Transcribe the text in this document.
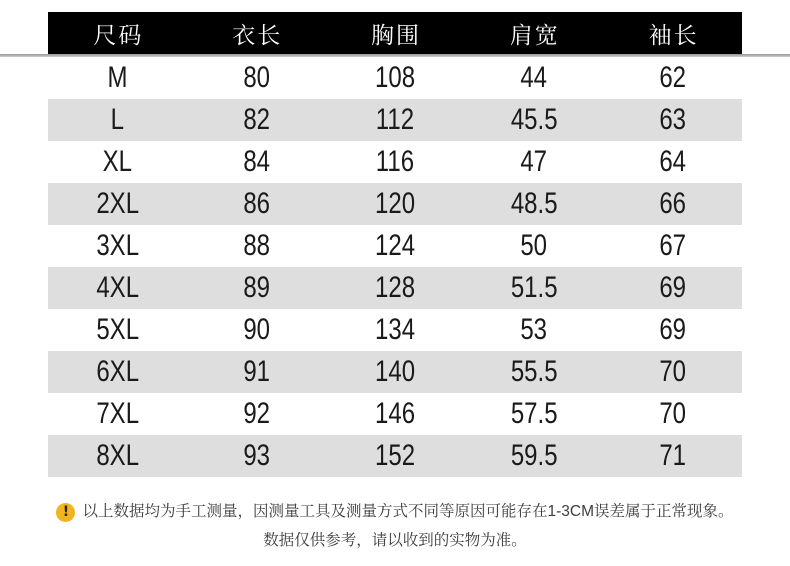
尺码	衣长	胸围	肩宽	袖长
M	80	108	44	62
L	82	112	45.5	63
XL	84	116	47	64
2XL	86	120	48.5	66
3XL	88	124	50	67
4XL	89	128	51.5	69
5XL	90	134	53	69
6XL	91	140	55.5	70
7XL	92	146	57.5	70
8XL	93	152	59.5	71
! 以上数据均为手工测量，因测量工具及测量方式不同等原因可能存在1-3CM误差属于正常现象。
数据仅供参考，请以收到的实物为准。
